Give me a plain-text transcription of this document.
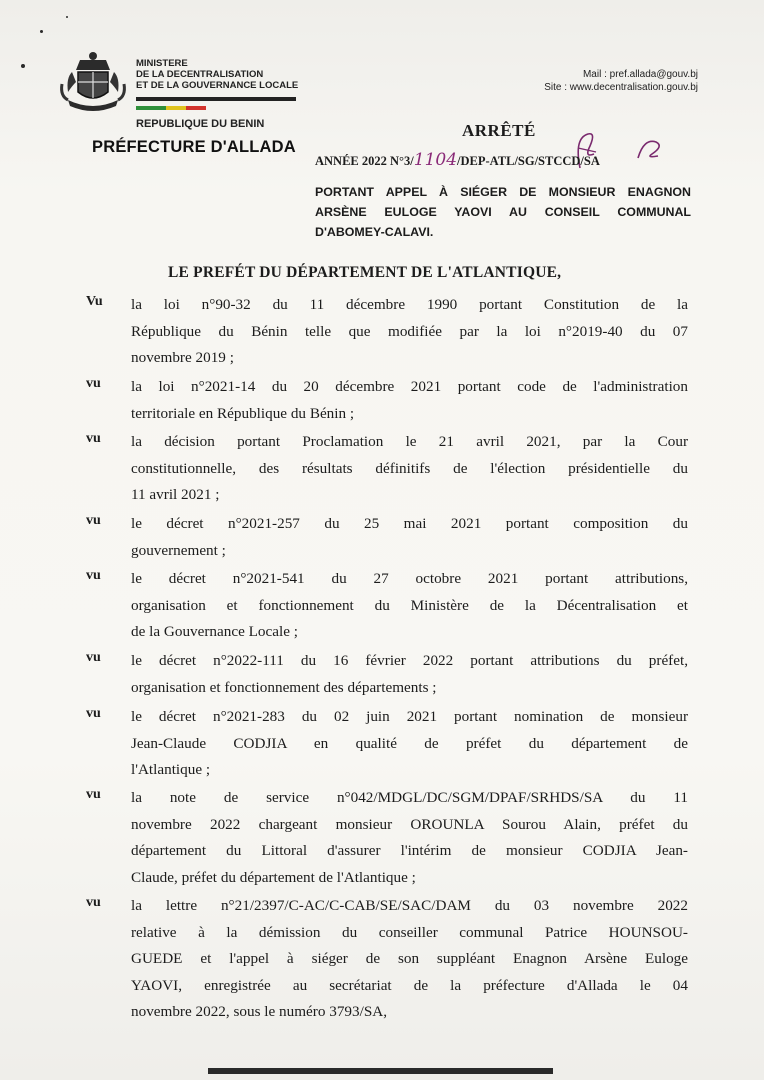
MINISTERE
DE LA DECENTRALISATION
ET DE LA GOUVERNANCE LOCALE
Mail : pref.allada@gouv.bj
Site : www.decentralisation.gouv.bj
REPUBLIQUE DU BENIN
PRÉFECTURE D'ALLADA
ARRÊTÉ
ANNÉE 2022 N°3/1104/DEP-ATL/SG/STCCD/SA
PORTANT APPEL À SIÉGER DE MONSIEUR ENAGNON
ARSÈNE EULOGE YAOVI AU CONSEIL COMMUNAL
D'ABOMEY-CALAVI.
LE PREFÉT DU DÉPARTEMENT DE L'ATLANTIQUE,
Vu la loi n°90-32 du 11 décembre 1990 portant Constitution de la
République du Bénin telle que modifiée par la loi n°2019-40 du 07
novembre 2019 ;
vu la loi n°2021-14 du 20 décembre 2021 portant code de l'administration
territoriale en République du Bénin ;
vu la décision portant Proclamation le 21 avril 2021, par la Cour
constitutionnelle, des résultats définitifs de l'élection présidentielle du
11 avril 2021 ;
vu le décret n°2021-257 du 25 mai 2021 portant composition du
gouvernement ;
vu le décret n°2021-541 du 27 octobre 2021 portant attributions,
organisation et fonctionnement du Ministère de la Décentralisation et
de la Gouvernance Locale ;
vu le décret n°2022-111 du 16 février 2022 portant attributions du préfet,
organisation et fonctionnement des départements ;
vu le décret n°2021-283 du 02 juin 2021 portant nomination de monsieur
Jean-Claude CODJIA en qualité de préfet du département de
l'Atlantique ;
vu la note de service n°042/MDGL/DC/SGM/DPAF/SRHDS/SA du 11
novembre 2022 chargeant monsieur OROUNLA Sourou Alain, préfet du
département du Littoral d'assurer l'intérim de monsieur CODJIA Jean-
Claude, préfet du département de l'Atlantique ;
vu la lettre n°21/2397/C-AC/C-CAB/SE/SAC/DAM du 03 novembre 2022
relative à la démission du conseiller communal Patrice HOUNSOU-
GUEDE et l'appel à siéger de son suppléant Enagnon Arsène Euloge
YAOVI, enregistrée au secrétariat de la préfecture d'Allada le 04
novembre 2022, sous le numéro 3793/SA,
